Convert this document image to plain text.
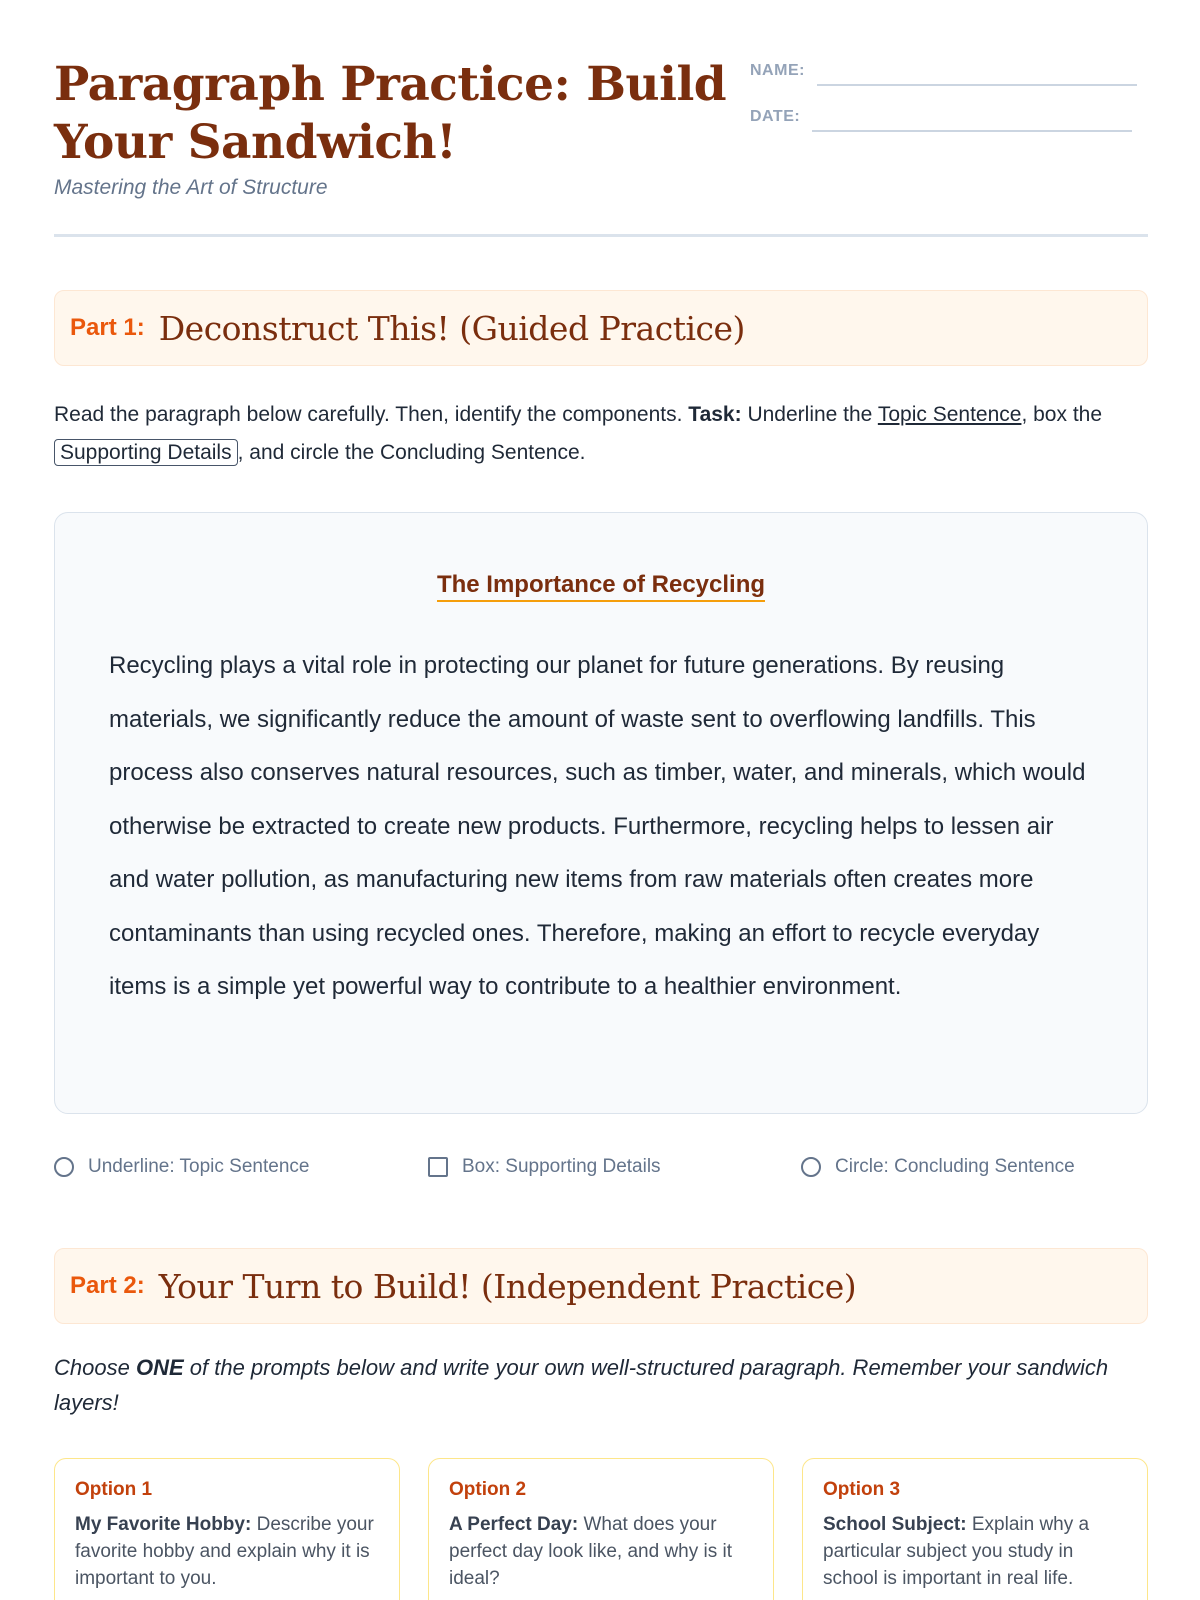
Paragraph Practice: Build Your Sandwich!
Mastering the Art of Structure
NAME:
DATE:
Part 1: Deconstruct This! (Guided Practice)
Read the paragraph below carefully. Then, identify the components. Task: Underline the Topic Sentence, box the Supporting Details , and circle the Concluding Sentence.
The Importance of Recycling

Recycling plays a vital role in protecting our planet for future generations. By reusing materials, we significantly reduce the amount of waste sent to overflowing landfills. This process also conserves natural resources, such as timber, water, and minerals, which would otherwise be extracted to create new products. Furthermore, recycling helps to lessen air and water pollution, as manufacturing new items from raw materials often creates more contaminants than using recycled ones. Therefore, making an effort to recycle everyday items is a simple yet powerful way to contribute to a healthier environment.

Underline: Topic Sentence	Box: Supporting Details	Circle: Concluding Sentence
Part 2: Your Turn to Build! (Independent Practice)
Choose ONE of the prompts below and write your own well-structured paragraph. Remember your sandwich layers!
Option 1
My Favorite Hobby: Describe your favorite hobby and explain why it is important to you.
Option 2
A Perfect Day: What does your perfect day look like, and why is it ideal?
Option 3
School Subject: Explain why a particular subject you study in school is important in real life.
